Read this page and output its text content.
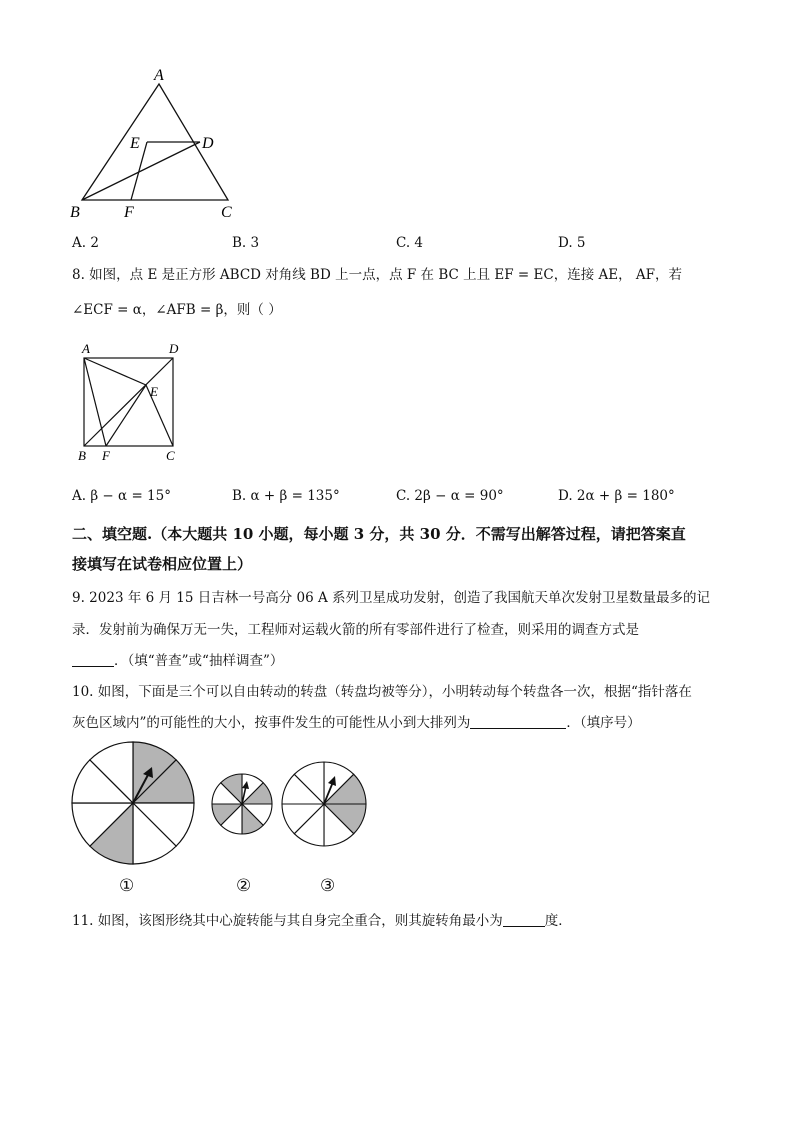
A
B	C
D
E
F
A. 2	B. 3	C. 4	D. 5
8. 如图，点 E 是正方形 ABCD 对角线 BD 上一点，点 F 在 BC 上且 EF = EC，连接 AE， AF，若
∠ECF = α，∠AFB = β，则（ ）
A	D
E
B F	C
A. β − α = 15°	B. α + β = 135°	C. 2β − α = 90°	D. 2α + β = 180°
二、填空题.（本大题共 10 小题，每小题 3 分，共 30 分．不需写出解答过程，请把答案直
接填写在试卷相应位置上）
9. 2023 年 6 月 15 日吉林一号高分 06 A 系列卫星成功发射，创造了我国航天单次发射卫星数量最多的记
录．发射前为确保万无一失，工程师对运载火箭的所有零部件进行了检查，则采用的调查方式是
．（填“普查”或“抽样调查”）
10. 如图，下面是三个可以自由转动的转盘（转盘均被等分），小明转动每个转盘各一次，根据“指针落在
灰色区域内”的可能性的大小，按事件发生的可能性从小到大排列为	．（填序号）
①	②	③
11. 如图，该图形绕其中心旋转能与其自身完全重合，则其旋转角最小为	度．
